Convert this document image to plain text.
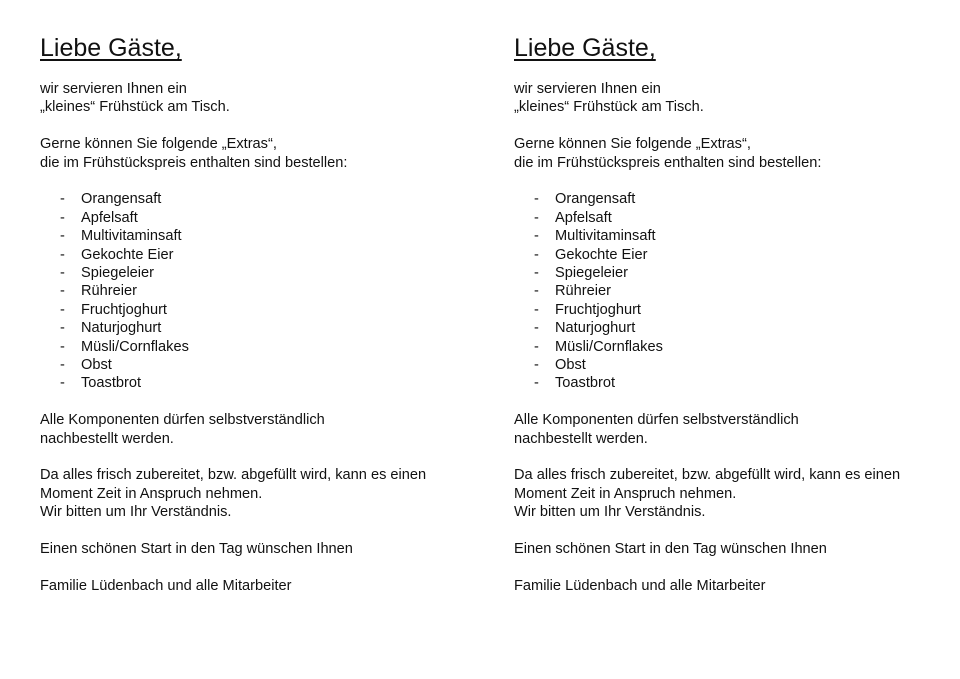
Liebe Gäste,

wir servieren Ihnen ein
„kleines“ Frühstück am Tisch.

Gerne können Sie folgende „Extras“,
die im Frühstückspreis enthalten sind bestellen:

- Orangensaft
- Apfelsaft
- Multivitaminsaft
- Gekochte Eier
- Spiegeleier
- Rühreier
- Fruchtjoghurt
- Naturjoghurt
- Müsli/Cornflakes
- Obst
- Toastbrot

Alle Komponenten dürfen selbstverständlich
nachbestellt werden.

Da alles frisch zubereitet, bzw. abgefüllt wird, kann es einen
Moment Zeit in Anspruch nehmen.
Wir bitten um Ihr Verständnis.

Einen schönen Start in den Tag wünschen Ihnen

Familie Lüdenbach und alle Mitarbeiter

Liebe Gäste,

wir servieren Ihnen ein
„kleines“ Frühstück am Tisch.

Gerne können Sie folgende „Extras“,
die im Frühstückspreis enthalten sind bestellen:

- Orangensaft
- Apfelsaft
- Multivitaminsaft
- Gekochte Eier
- Spiegeleier
- Rühreier
- Fruchtjoghurt
- Naturjoghurt
- Müsli/Cornflakes
- Obst
- Toastbrot

Alle Komponenten dürfen selbstverständlich
nachbestellt werden.

Da alles frisch zubereitet, bzw. abgefüllt wird, kann es einen
Moment Zeit in Anspruch nehmen.
Wir bitten um Ihr Verständnis.

Einen schönen Start in den Tag wünschen Ihnen

Familie Lüdenbach und alle Mitarbeiter
